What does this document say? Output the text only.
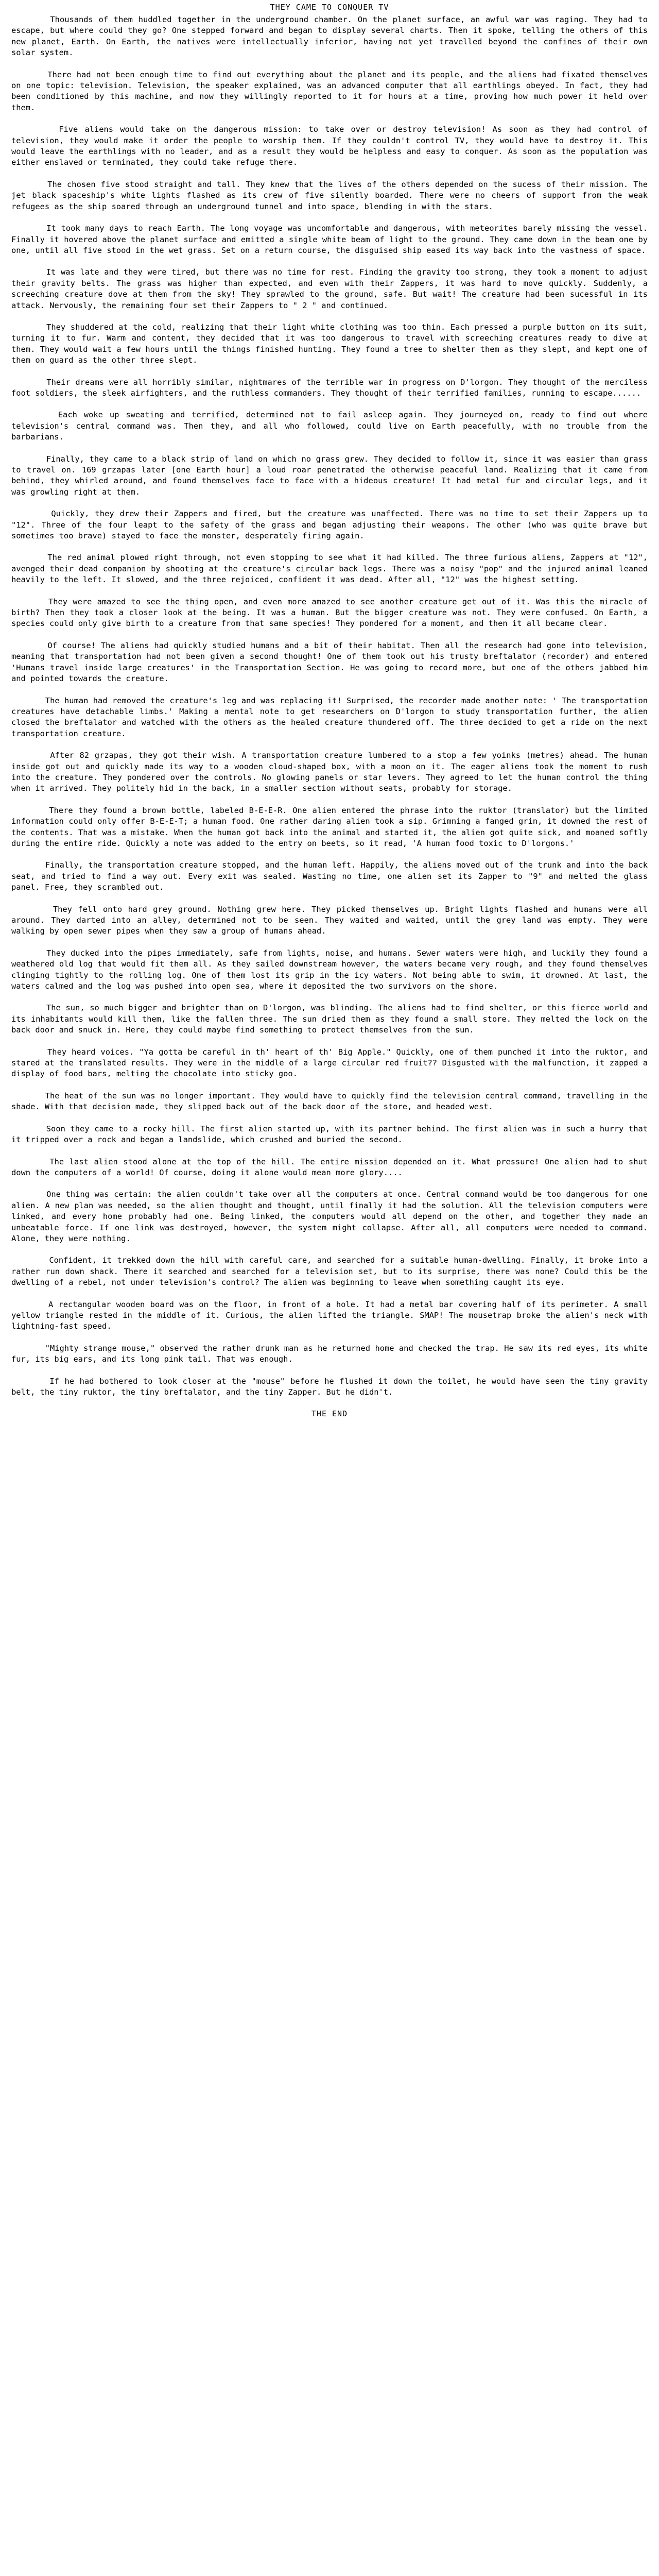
THEY CAME TO CONQUER TV

Thousands of them huddled together in the underground chamber. On the planet surface, an awful war was raging. They had to escape, but where could they go? One stepped forward and began to display several charts. Then it spoke, telling the others of this new planet, Earth. On Earth, the natives were intellectually inferior, having not yet travelled beyond the confines of their own solar system.

There had not been enough time to find out everything about the planet and its people, and the aliens had fixated themselves on one topic: television. Television, the speaker explained, was an advanced computer that all earthlings obeyed. In fact, they had been conditioned by this machine, and now they willingly reported to it for hours at a time, proving how much power it held over them.

Five aliens would take on the dangerous mission: to take over or destroy television! As soon as they had control of television, they would make it order the people to worship them. If they couldn't control TV, they would have to destroy it. This would leave the earthlings with no leader, and as a result they would be helpless and easy to conquer. As soon as the population was either enslaved or terminated, they could take refuge there.

The chosen five stood straight and tall. They knew that the lives of the others depended on the sucess of their mission. The jet black spaceship's white lights flashed as its crew of five silently boarded. There were no cheers of support from the weak refugees as the ship soared through an underground tunnel and into space, blending in with the stars.

It took many days to reach Earth. The long voyage was uncomfortable and dangerous, with meteorites barely missing the vessel. Finally it hovered above the planet surface and emitted a single white beam of light to the ground. They came down in the beam one by one, until all five stood in the wet grass. Set on a return course, the disguised ship eased its way back into the vastness of space.

It was late and they were tired, but there was no time for rest. Finding the gravity too strong, they took a moment to adjust their gravity belts. The grass was higher than expected, and even with their Zappers, it was hard to move quickly. Suddenly, a screeching creature dove at them from the sky! They sprawled to the ground, safe. But wait! The creature had been sucessful in its attack. Nervously, the remaining four set their Zappers to " 2 " and continued.

They shuddered at the cold, realizing that their light white clothing was too thin. Each pressed a purple button on its suit, turning it to fur. Warm and content, they decided that it was too dangerous to travel with screeching creatures ready to dive at them. They would wait a few hours until the things finished hunting. They found a tree to shelter them as they slept, and kept one of them on guard as the other three slept.

Their dreams were all horribly similar, nightmares of the terrible war in progress on D'lorgon. They thought of the merciless foot soldiers, the sleek airfighters, and the ruthless commanders. They thought of their terrified families, running to escape......

Each woke up sweating and terrified, determined not to fail asleep again. They journeyed on, ready to find out where television's central command was. Then they, and all who followed, could live on Earth peacefully, with no trouble from the barbarians.

Finally, they came to a black strip of land on which no grass grew. They decided to follow it, since it was easier than grass to travel on. 169 grzapas later [one Earth hour] a loud roar penetrated the otherwise peaceful land. Realizing that it came from behind, they whirled around, and found themselves face to face with a hideous creature! It had metal fur and circular legs, and it was growling right at them.

Quickly, they drew their Zappers and fired, but the creature was unaffected. There was no time to set their Zappers up to "12". Three of the four leapt to the safety of the grass and began adjusting their weapons. The other (who was quite brave but sometimes too brave) stayed to face the monster, desperately firing again.

The red animal plowed right through, not even stopping to see what it had killed. The three furious aliens, Zappers at "12", avenged their dead companion by shooting at the creature's circular back legs. There was a noisy "pop" and the injured animal leaned heavily to the left. It slowed, and the three rejoiced, confident it was dead. After all, "12" was the highest setting.

They were amazed to see the thing open, and even more amazed to see another creature get out of it. Was this the miracle of birth? Then they took a closer look at the being. It was a human. But the bigger creature was not. They were confused. On Earth, a species could only give birth to a creature from that same species! They pondered for a moment, and then it all became clear.

Of course! The aliens had quickly studied humans and a bit of their habitat. Then all the research had gone into television, meaning that transportation had not been given a second thought! One of them took out his trusty breftalator (recorder) and entered 'Humans travel inside large creatures' in the Transportation Section. He was going to record more, but one of the others jabbed him and pointed towards the creature.

The human had removed the creature's leg and was replacing it! Surprised, the recorder made another note: ' The transportation creatures have detachable limbs.' Making a mental note to get researchers on D'lorgon to study transportation further, the alien closed the breftalator and watched with the others as the healed creature thundered off. The three decided to get a ride on the next transportation creature.

After 82 grzapas, they got their wish. A transportation creature lumbered to a stop a few yoinks (metres) ahead. The human inside got out and quickly made its way to a wooden cloud-shaped box, with a moon on it. The eager aliens took the moment to rush into the creature. They pondered over the controls. No glowing panels or star levers. They agreed to let the human control the thing when it arrived. They politely hid in the back, in a smaller section without seats, probably for storage.

There they found a brown bottle, labeled B-E-E-R. One alien entered the phrase into the ruktor (translator) but the limited information could only offer B-E-E-T; a human food. One rather daring alien took a sip. Grimning a fanged grin, it downed the rest of the contents. That was a mistake. When the human got back into the animal and started it, the alien got quite sick, and moaned softly during the entire ride. Quickly a note was added to the entry on beets, so it read, 'A human food toxic to D'lorgons.'

Finally, the transportation creature stopped, and the human left. Happily, the aliens moved out of the trunk and into the back seat, and tried to find a way out. Every exit was sealed. Wasting no time, one alien set its Zapper to "9" and melted the glass panel. Free, they scrambled out.

They fell onto hard grey ground. Nothing grew here. They picked themselves up. Bright lights flashed and humans were all around. They darted into an alley, determined not to be seen. They waited and waited, until the grey land was empty. They were walking by open sewer pipes when they saw a group of humans ahead.

They ducked into the pipes immediately, safe from lights, noise, and humans. Sewer waters were high, and luckily they found a weathered old log that would fit them all. As they sailed downstream however, the waters became very rough, and they found themselves clinging tightly to the rolling log. One of them lost its grip in the icy waters. Not being able to swim, it drowned. At last, the waters calmed and the log was pushed into open sea, where it deposited the two survivors on the shore.

The sun, so much bigger and brighter than on D'lorgon, was blinding. The aliens had to find shelter, or this fierce world and its inhabitants would kill them, like the fallen three. The sun dried them as they found a small store. They melted the lock on the back door and snuck in. Here, they could maybe find something to protect themselves from the sun.

They heard voices. "Ya gotta be careful in th' heart of th' Big Apple." Quickly, one of them punched it into the ruktor, and stared at the translated results. They were in the middle of a large circular red fruit?? Disgusted with the malfunction, it zapped a display of food bars, melting the chocolate into sticky goo.

The heat of the sun was no longer important. They would have to quickly find the television central command, travelling in the shade. With that decision made, they slipped back out of the back door of the store, and headed west.

Soon they came to a rocky hill. The first alien started up, with its partner behind. The first alien was in such a hurry that it tripped over a rock and began a landslide, which crushed and buried the second.

The last alien stood alone at the top of the hill. The entire mission depended on it. What pressure! One alien had to shut down the computers of a world! Of course, doing it alone would mean more glory....

One thing was certain: the alien couldn't take over all the computers at once. Central command would be too dangerous for one alien. A new plan was needed, so the alien thought and thought, until finally it had the solution. All the television computers were linked, and every home probably had one. Being linked, the computers would all depend on the other, and together they made an unbeatable force. If one link was destroyed, however, the system might collapse. After all, all computers were needed to command. Alone, they were nothing.

Confident, it trekked down the hill with careful care, and searched for a suitable human-dwelling. Finally, it broke into a rather run down shack. There it searched and searched for a television set, but to its surprise, there was none? Could this be the dwelling of a rebel, not under television's control? The alien was beginning to leave when something caught its eye.

A rectangular wooden board was on the floor, in front of a hole. It had a metal bar covering half of its perimeter. A small yellow triangle rested in the middle of it. Curious, the alien lifted the triangle. SMAP! The mousetrap broke the alien's neck with lightning-fast speed.

"Mighty strange mouse," observed the rather drunk man as he returned home and checked the trap. He saw its red eyes, its white fur, its big ears, and its long pink tail. That was enough.

If he had bothered to look closer at the "mouse" before he flushed it down the toilet, he would have seen the tiny gravity belt, the tiny ruktor, the tiny breftalator, and the tiny Zapper. But he didn't.

THE END
